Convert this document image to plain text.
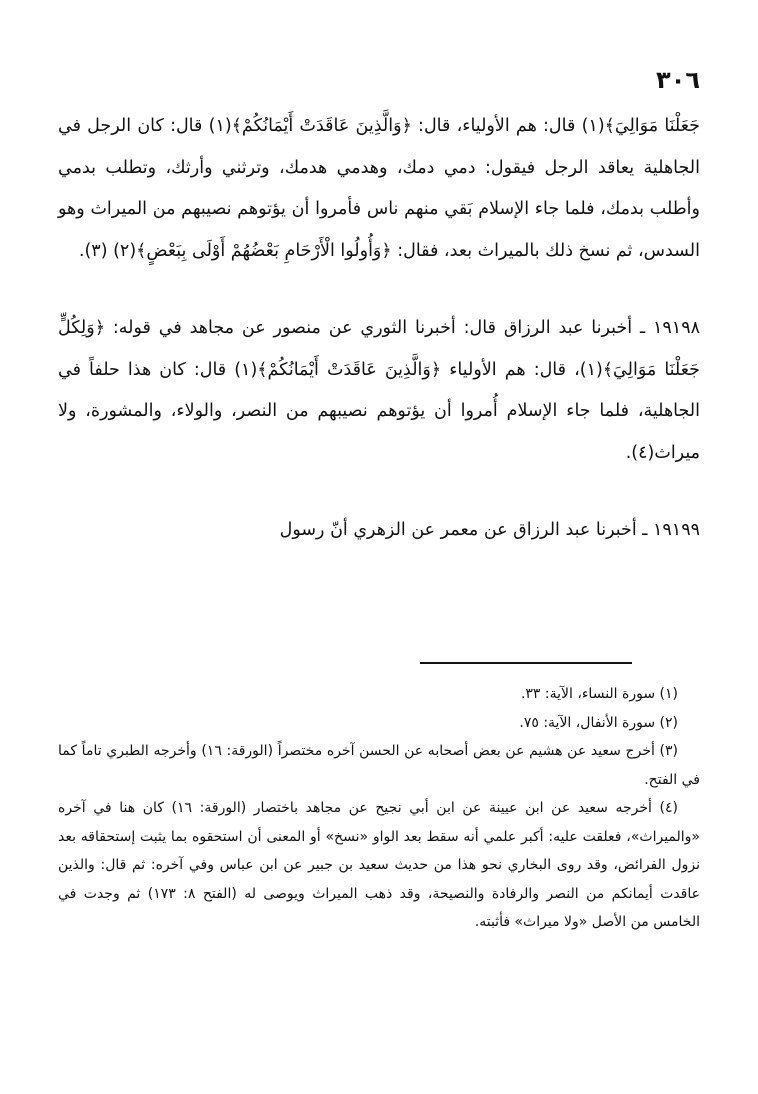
٣٠٦

جَعَلْنَا مَوَالِيَ﴾(١) قال: هم الأولياء، قال: ﴿وَالَّذِينَ عَاقَدَتْ أَيْمَانُكُمْ﴾(١) قال: كان الرجل في الجاهلية يعاقد الرجل فيقول: دمي دمك، وهدمي هدمك، وترثني وأرثك، وتطلب بدمي وأطلب بدمك، فلما جاء الإسلام بَقي منهم ناس فأمروا أن يؤتوهم نصيبهم من الميراث وهو السدس، ثم نسخ ذلك بالميراث بعد، فقال: ﴿وَأُولُوا الْأَرْحَامِ بَعْضُهُمْ أَوْلَى بِبَعْضٍ﴾(٢) (٣).

١٩١٩٨ ـ أخبرنا عبد الرزاق قال: أخبرنا الثوري عن منصور عن مجاهد في قوله: ﴿وَلِكُلٍّ جَعَلْنَا مَوَالِيَ﴾(١)، قال: هم الأولياء ﴿وَالَّذِينَ عَاقَدَتْ أَيْمَانُكُمْ﴾(١) قال: كان هذا حلفاً في الجاهلية، فلما جاء الإسلام أُمروا أن يؤتوهم نصيبهم من النصر، والولاء، والمشورة، ولا ميراث(٤).

١٩١٩٩ ـ أخبرنا عبد الرزاق عن معمر عن الزهري أنّ رسول

(١) سورة النساء، الآية: ٣٣.

(٢) سورة الأنفال، الآية: ٧٥.

(٣) أخرج سعيد عن هشيم عن بعض أصحابه عن الحسن آخره مختصراً (الورقة: ١٦) وأخرجه الطبري تاماً كما في الفتح.

(٤) أخرجه سعيد عن ابن عيينة عن ابن أبي نجيح عن مجاهد باختصار (الورقة: ١٦) كان هنا في آخره «والميراث»، فعلقت عليه: أكبر علمي أنه سقط بعد الواو «نسخ» أو المعنى أن استحقوه بما يثبت إستحقاقه بعد نزول الفرائض، وقد روى البخاري نحو هذا من حديث سعيد بن جبير عن ابن عباس وفي آخره: ثم قال: والذين عاقدت أيمانكم من النصر والرفادة والنصيحة، وقد ذهب الميراث ويوصى له (الفتح ٨: ١٧٣) ثم وجدت في الخامس من الأصل «ولا ميراث» فأثبته.
